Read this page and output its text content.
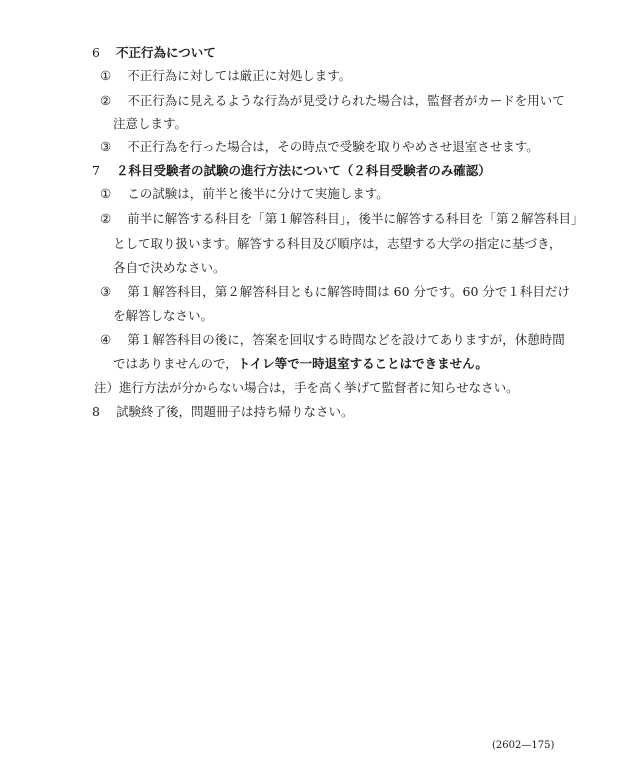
6 不正行為について
① 不正行為に対しては厳正に対処します。
② 不正行為に見えるような行為が見受けられた場合は，監督者がカードを用いて
注意します。
③ 不正行為を行った場合は，その時点で受験を取りやめさせ退室させます。
7 ２科目受験者の試験の進行方法について（２科目受験者のみ確認）
① この試験は，前半と後半に分けて実施します。
② 前半に解答する科目を「第１解答科目」，後半に解答する科目を「第２解答科目」
として取り扱います。解答する科目及び順序は，志望する大学の指定に基づき，
各自で決めなさい。
③ 第１解答科目，第２解答科目ともに解答時間は 60 分です。60 分で１科目だけ
を解答しなさい。
④ 第１解答科目の後に，答案を回収する時間などを設けてありますが，休憩時間
ではありませんので，トイレ等で一時退室することはできません。
注）進行方法が分からない場合は，手を高く挙げて監督者に知らせなさい。
8 試験終了後，問題冊子は持ち帰りなさい。
(2602—175)
